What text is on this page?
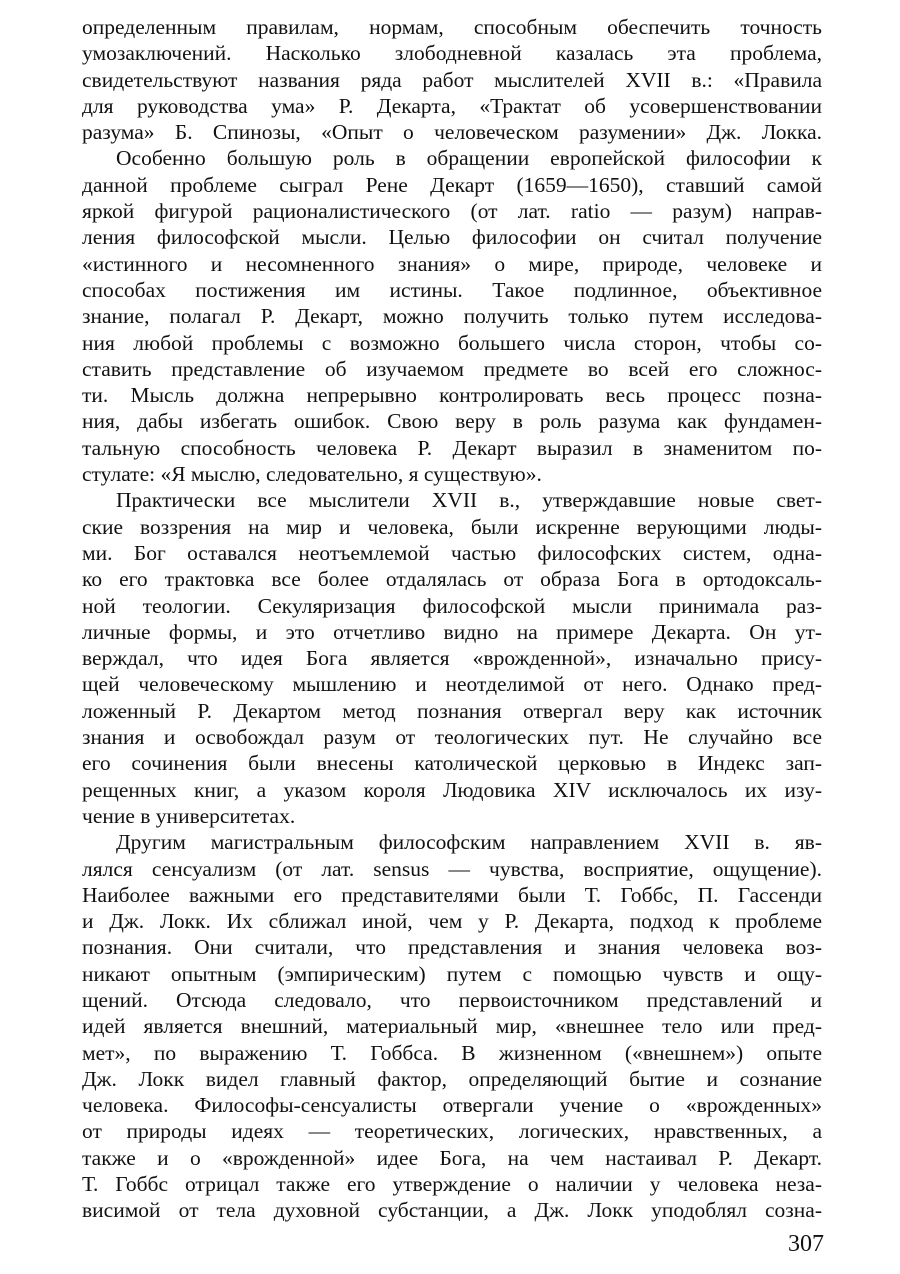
определенным правилам, нормам, способным обеспечить точность
умозаключений. Насколько злободневной казалась эта проблема,
свидетельствуют названия ряда работ мыслителей XVII в.: «Правила
для руководства ума» Р. Декарта, «Трактат об усовершенствовании
разума» Б. Спинозы, «Опыт о человеческом разумении» Дж. Локка.
Особенно большую роль в обращении европейской философии к
данной проблеме сыграл Рене Декарт (1659—1650), ставший самой
яркой фигурой рационалистического (от лат. ratio — разум) направ-
ления философской мысли. Целью философии он считал получение
«истинного и несомненного знания» о мире, природе, человеке и
способах постижения им истины. Такое подлинное, объективное
знание, полагал Р. Декарт, можно получить только путем исследова-
ния любой проблемы с возможно большего числа сторон, чтобы со-
ставить представление об изучаемом предмете во всей его сложнос-
ти. Мысль должна непрерывно контролировать весь процесс позна-
ния, дабы избегать ошибок. Свою веру в роль разума как фундамен-
тальную способность человека Р. Декарт выразил в знаменитом по-
стулате: «Я мыслю, следовательно, я существую».
Практически все мыслители XVII в., утверждавшие новые свет-
ские воззрения на мир и человека, были искренне верующими люды-
ми. Бог оставался неотъемлемой частью философских систем, одна-
ко его трактовка все более отдалялась от образа Бога в ортодоксаль-
ной теологии. Секуляризация философской мысли принимала раз-
личные формы, и это отчетливо видно на примере Декарта. Он ут-
верждал, что идея Бога является «врожденной», изначально прису-
щей человеческому мышлению и неотделимой от него. Однако пред-
ложенный Р. Декартом метод познания отвергал веру как источник
знания и освобождал разум от теологических пут. Не случайно все
его сочинения были внесены католической церковью в Индекс зап-
рещенных книг, а указом короля Людовика XIV исключалось их изу-
чение в университетах.
Другим магистральным философским направлением XVII в. яв-
лялся сенсуализм (от лат. sensus — чувства, восприятие, ощущение).
Наиболее важными его представителями были Т. Гоббс, П. Гассенди
и Дж. Локк. Их сближал иной, чем у Р. Декарта, подход к проблеме
познания. Они считали, что представления и знания человека воз-
никают опытным (эмпирическим) путем с помощью чувств и ощу-
щений. Отсюда следовало, что первоисточником представлений и
идей является внешний, материальный мир, «внешнее тело или пред-
мет», по выражению Т. Гоббса. В жизненном («внешнем») опыте
Дж. Локк видел главный фактор, определяющий бытие и сознание
человека. Философы-сенсуалисты отвергали учение о «врожденных»
от природы идеях — теоретических, логических, нравственных, а
также и о «врожденной» идее Бога, на чем настаивал Р. Декарт.
Т. Гоббс отрицал также его утверждение о наличии у человека неза-
висимой от тела духовной субстанции, а Дж. Локк уподоблял созна-
307
